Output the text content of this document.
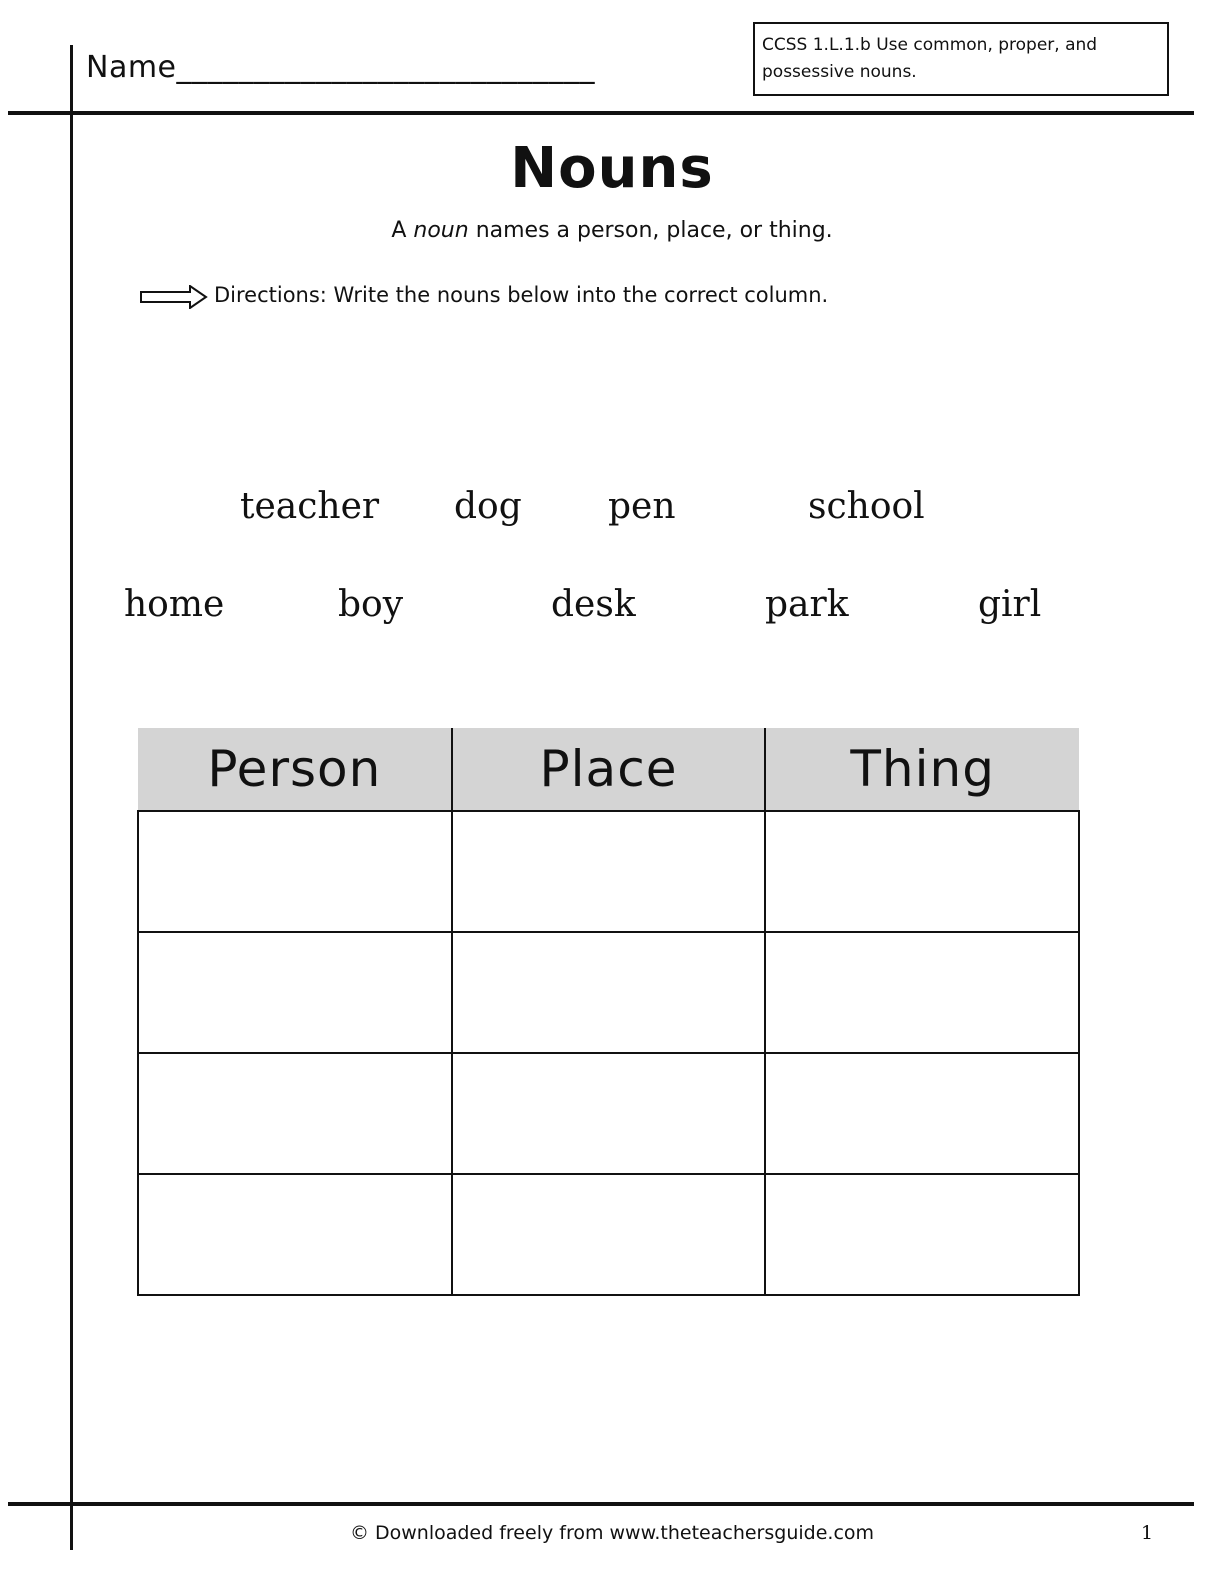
Name___________________________
CCSS 1.L.1.b Use common, proper, and possessive nouns.
Nouns
A noun names a person, place, or thing.
Directions: Write the nouns below into the correct column.
teacher dog pen	school
home	boy	desk	park	girl
Person	Place	Thing

© Downloaded freely from www.theteachersguide.com	1
